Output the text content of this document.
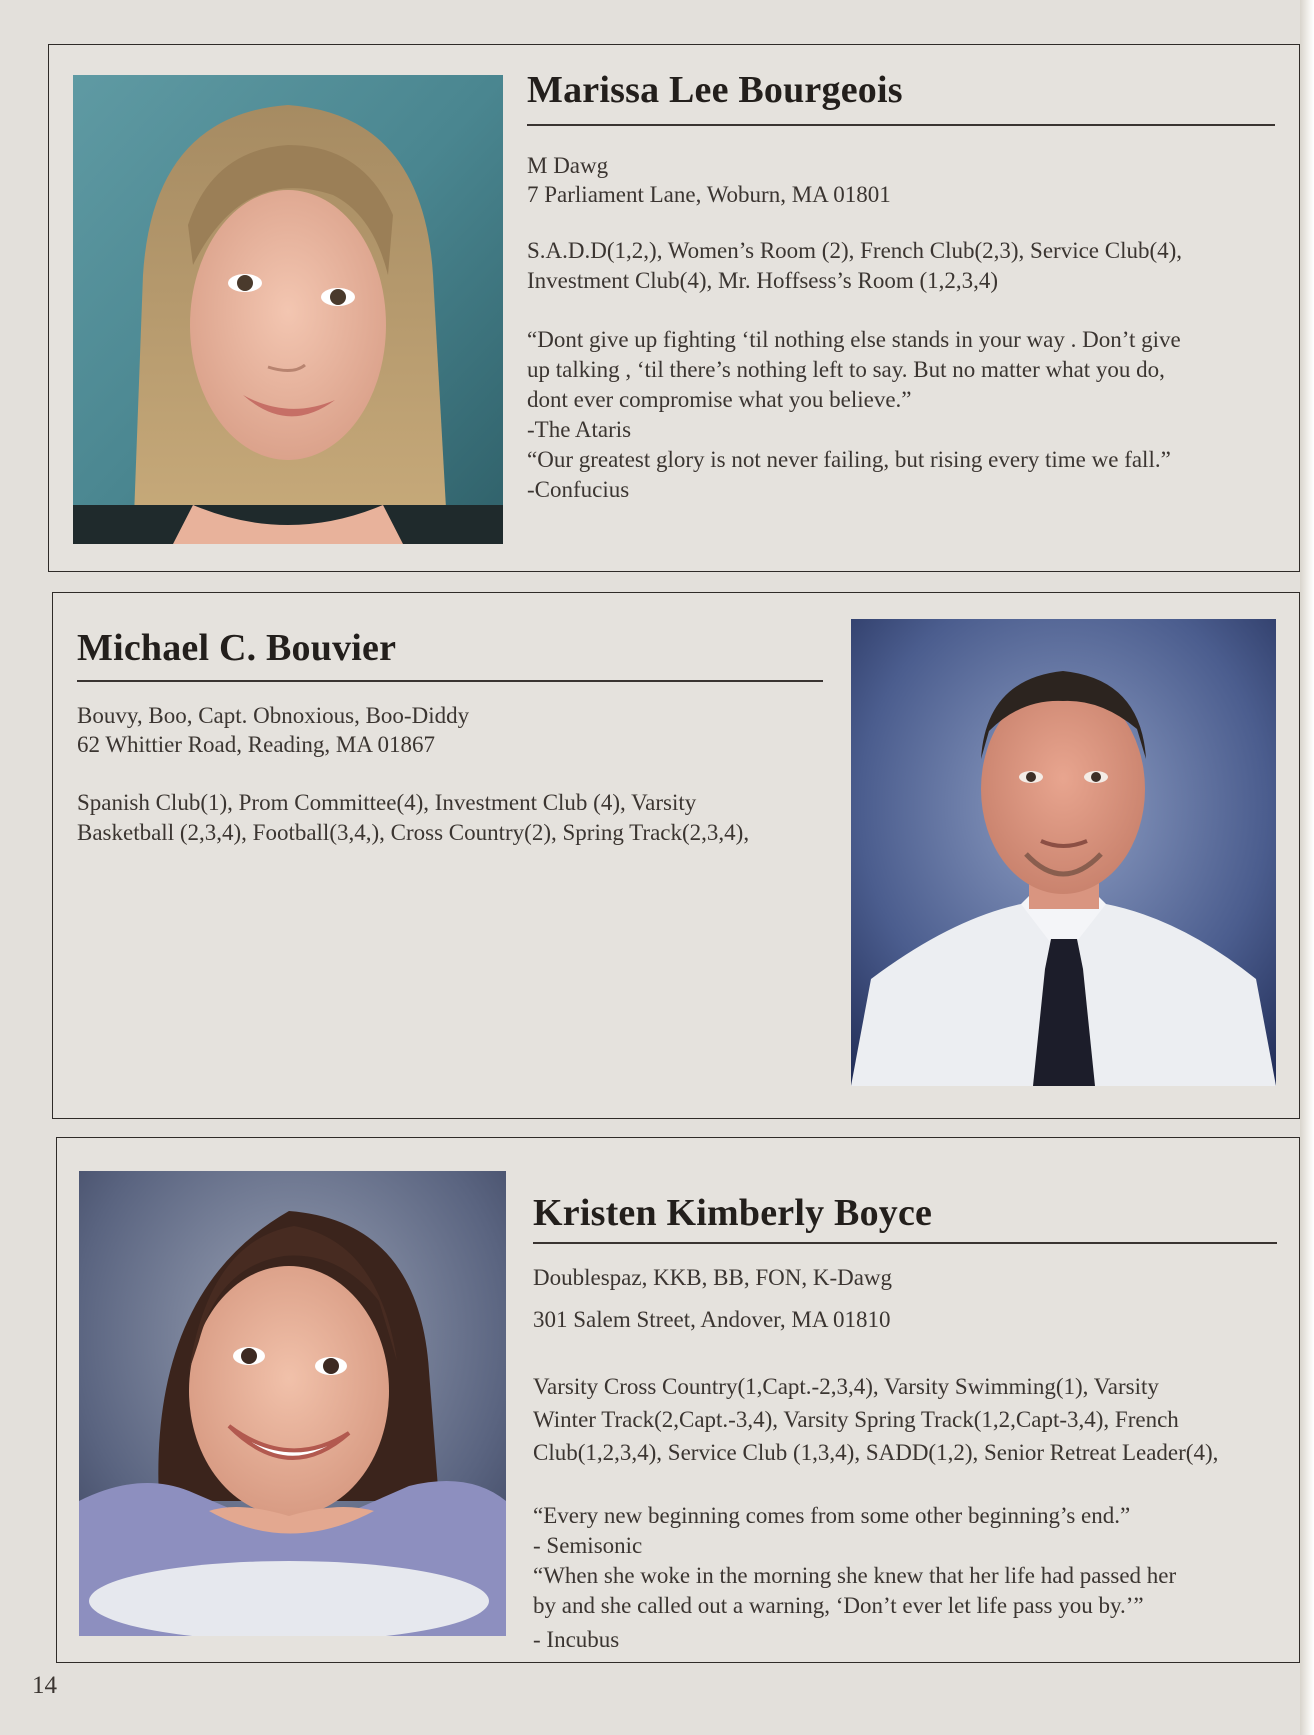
Marissa Lee Bourgeois
M Dawg
7 Parliament Lane, Woburn, MA 01801
S.A.D.D(1,2,), Women’s Room (2), French Club(2,3), Service Club(4),
Investment Club(4), Mr. Hoffsess’s Room (1,2,3,4)
“Dont give up fighting ‘til nothing else stands in your way . Don’t give
up talking , ‘til there’s nothing left to say. But no matter what you do,
dont ever compromise what you believe.”
-The Ataris
“Our greatest glory is not never failing, but rising every time we fall.”
-Confucius
Michael C. Bouvier
Bouvy, Boo, Capt. Obnoxious, Boo-Diddy
62 Whittier Road, Reading, MA 01867
Spanish Club(1), Prom Committee(4), Investment Club (4), Varsity
Basketball (2,3,4), Football(3,4,), Cross Country(2), Spring Track(2,3,4),
Kristen Kimberly Boyce
Doublespaz, KKB, BB, FON, K-Dawg
301 Salem Street, Andover, MA 01810
Varsity Cross Country(1,Capt.-2,3,4), Varsity Swimming(1), Varsity
Winter Track(2,Capt.-3,4), Varsity Spring Track(1,2,Capt-3,4), French
Club(1,2,3,4), Service Club (1,3,4), SADD(1,2), Senior Retreat Leader(4),
“Every new beginning comes from some other beginning’s end.”
- Semisonic
“When she woke in the morning she knew that her life had passed her
by and she called out a warning, ‘Don’t ever let life pass you by.’”
- Incubus
14
